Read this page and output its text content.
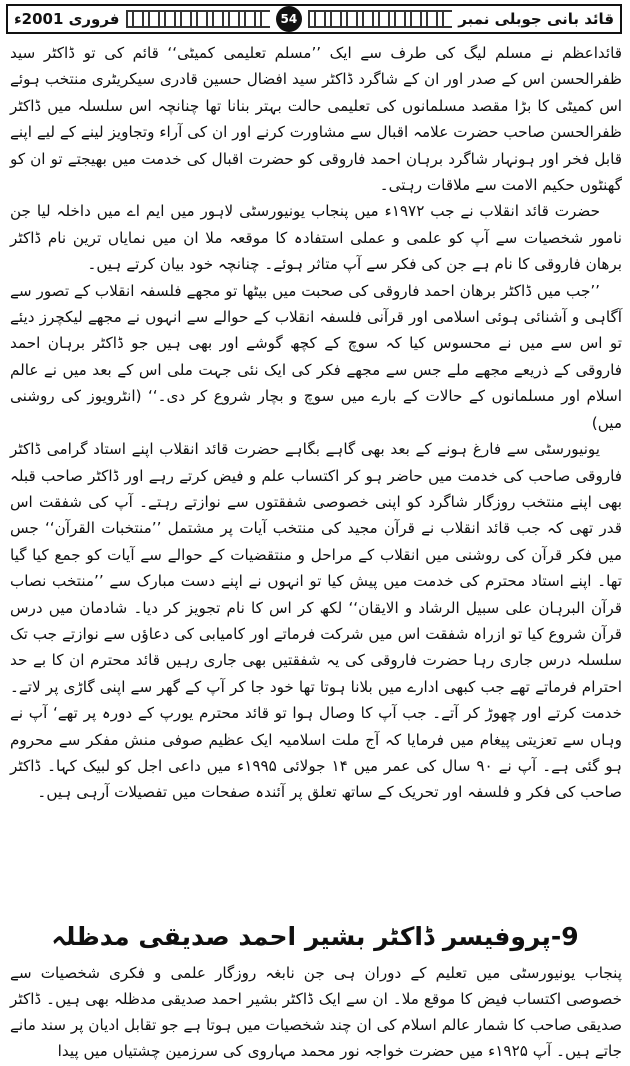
فروری 2001ء	54	قائد بانی جوبلی نمبر

قائداعظم نے مسلم لیگ کی طرف سے ایک ’’مسلم تعلیمی کمیٹی‘‘ قائم کی تو ڈاکٹر سید ظفرالحسن اس کے صدر اور ان کے شاگرد ڈاکٹر سید افضال حسین قادری سیکریٹری منتخب ہوئے اس کمیٹی کا بڑا مقصد مسلمانوں کی تعلیمی حالت بہتر بنانا تھا چنانچہ اس سلسلہ میں ڈاکٹر ظفرالحسن صاحب حضرت علامہ اقبال سے مشاورت کرنے اور ان کی آراء وتجاویز لینے کے لیے اپنے قابل فخر اور ہونہار شاگرد برہان احمد فاروقی کو حضرت اقبال کی خدمت میں بھیجتے تو ان کو گھنٹوں حکیم الامت سے ملاقات رہتی۔

حضرت قائد انقلاب نے جب ۱۹۷۲ء میں پنجاب یونیورسٹی لاہور میں ایم اے میں داخلہ لیا جن نامور شخصیات سے آپ کو علمی و عملی استفادہ کا موقعہ ملا ان میں نمایاں ترین نام ڈاکٹر برھان فاروقی کا نام ہے جن کی فکر سے آپ متاثر ہوئے۔ چنانچہ خود بیان کرتے ہیں۔

’’جب میں ڈاکٹر برھان احمد فاروقی کی صحبت میں بیٹھا تو مجھے فلسفہ انقلاب کے تصور سے آگاہی و آشنائی ہوئی اسلامی اور قرآنی فلسفہ انقلاب کے حوالے سے انہوں نے مجھے لیکچرز دیئے تو اس سے میں نے محسوس کیا کہ سوچ کے کچھ گوشے اور بھی ہیں جو ڈاکٹر برہان احمد فاروقی کے ذریعے مجھے ملے جس سے مجھے فکر کی ایک نئی جہت ملی اس کے بعد میں نے عالم اسلام اور مسلمانوں کے حالات کے بارے میں سوچ و بچار شروع کر دی۔‘‘ (انٹرویوز کی روشنی میں)

یونیورسٹی سے فارغ ہونے کے بعد بھی گاہے بگاہے حضرت قائد انقلاب اپنے استاد گرامی ڈاکٹر فاروقی صاحب کی خدمت میں حاضر ہو کر اکتساب علم و فیض کرتے رہے اور ڈاکٹر صاحب قبلہ بھی اپنے منتخب روزگار شاگرد کو اپنی خصوصی شفقتوں سے نوازتے رہتے۔ آپ کی شفقت اس قدر تھی کہ جب قائد انقلاب نے قرآن مجید کی منتخب آیات پر مشتمل ’’منتخبات القرآن‘‘ جس میں فکر قرآن کی روشنی میں انقلاب کے مراحل و منتقضیات کے حوالے سے آیات کو جمع کیا گیا تھا۔ اپنے استاد محترم کی خدمت میں پیش کیا تو انہوں نے اپنے دست مبارک سے ’’منتخب نصاب قرآن البرہان علی سبیل الرشاد و الایقان‘‘ لکھ کر اس کا نام تجویز کر دیا۔ شادمان میں درس قرآن شروع کیا تو ازراہ شفقت اس میں شرکت فرماتے اور کامیابی کی دعاؤں سے نوازتے جب تک سلسلہ درس جاری رہا حضرت فاروقی کی یہ شفقتیں بھی جاری رہیں قائد محترم ان کا بے حد احترام فرماتے تھے جب کبھی ادارے میں بلانا ہوتا تھا خود جا کر آپ کے گھر سے اپنی گاڑی پر لاتے۔ خدمت کرتے اور چھوڑ کر آتے۔ جب آپ کا وصال ہوا تو قائد محترم یورپ کے دورہ پر تھے‘ آپ نے وہاں سے تعزیتی پیغام میں فرمایا کہ آج ملت اسلامیہ ایک عظیم صوفی منش مفکر سے محروم ہو گئی ہے۔ آپ نے ۹۰ سال کی عمر میں ۱۴ جولائی ۱۹۹۵ء میں داعی اجل کو لبیک کہا۔ ڈاکٹر صاحب کی فکر و فلسفہ اور تحریک کے ساتھ تعلق پر آئندہ صفحات میں تفصیلات آرہی ہیں۔

9-پروفیسر ڈاکٹر بشیر احمد صدیقی مدظلہ

پنجاب یونیورسٹی میں تعلیم کے دوران ہی جن نابغہ روزگار علمی و فکری شخصیات سے خصوصی اکتساب فیض کا موقع ملا۔ ان سے ایک ڈاکٹر بشیر احمد صدیقی مدظلہ بھی ہیں۔ ڈاکٹر صدیقی صاحب کا شمار عالم اسلام کی ان چند شخصیات میں ہوتا ہے جو تقابل ادیان پر سند مانے جاتے ہیں۔ آپ ۱۹۲۵ء میں حضرت خواجہ نور محمد مہاروی کی سرزمین چشتیاں میں پیدا
